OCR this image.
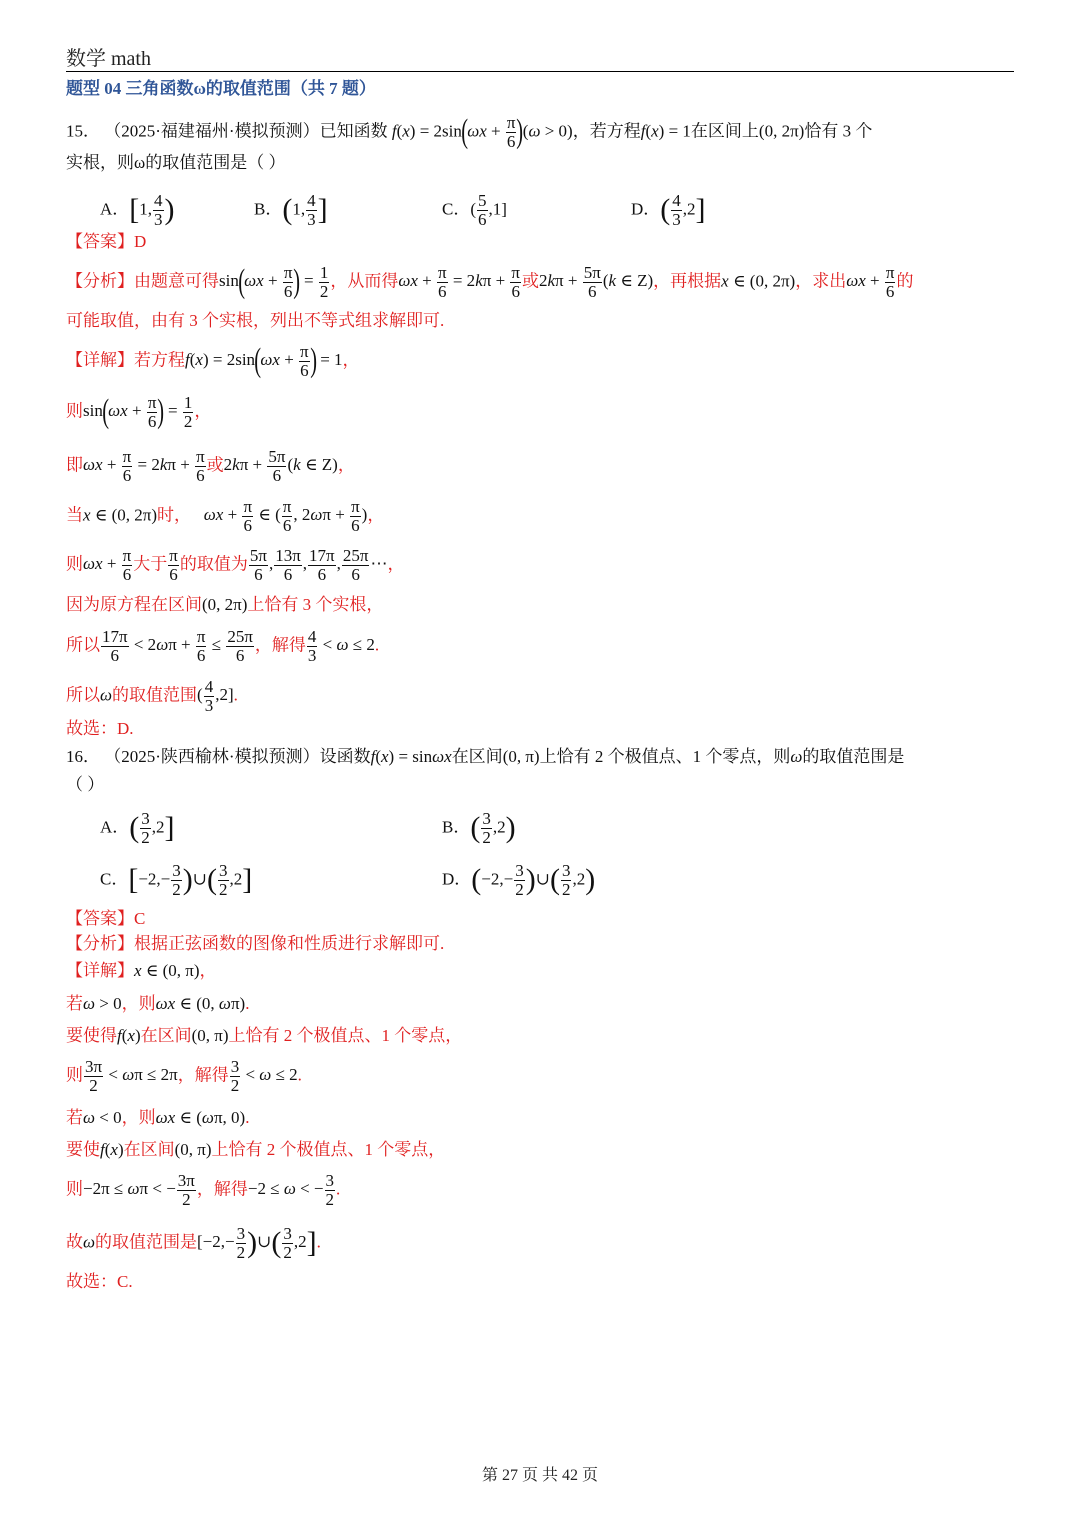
数学 math
题型 04 三角函数ω的取值范围（共 7 题）
15． （2025·福建福州·模拟预测）已知函数 $f(x) = 2\sin(\omega x + \frac{\pi}{6} )(\omega > 0)$，若方程f(x) = 1在区间上(0, 2π)恰有 3 个
实根，则ω的取值范围是（ ）
A．[1, $\frac{4}{3}$ )	B．(1, $\frac{4}{3}$ ]	C．( $\frac{5}{6} ,1$]	D．( $\frac{4}{3} ,2$]
【答案】D
【分析】由题意可得$\sin(\omega x + \frac{\pi}{6}$ ) = $\frac{1}{2}$ ，从而得$\omega x + \frac{\pi}{6} = 2k\pi + \frac{\pi}{6}$ 或$2k\pi + \frac{5\pi}{6} (k$ ∈ Z)，再根据x ∈ (0, 2π)，求出$\omega x + \frac{\pi}{6}$ 的
可能取值，由有 3 个实根，列出不等式组求解即可.
【详解】若方程$f(x) = 2\sin(\omega x + \frac{\pi}{6}$ ) = 1，
则$\sin(\omega x + \frac{\pi}{6}$ ) = $\frac{1}{2}$ ，
即$\omega x + \frac{\pi}{6} = 2k\pi + \frac{\pi}{6}$ 或$2k\pi + \frac{5\pi}{6} (k$ ∈ Z)，
当x ∈ (0, 2π)时， $\omega x + \frac{\pi}{6}$ ∈ ( $\frac{\pi}{6}$ , $2\omega\pi + \frac{\pi}{6}$ )，
则$\omega x + \frac{\pi}{6}$ 大于 $\frac{\pi}{6}$ 的取值为 $\frac{5\pi}{6}$ , $\frac{13\pi}{6}$ , $\frac{17\pi}{6}$ , $\frac{25\pi}{6}$ ⋯，
因为原方程在区间(0, 2π)上恰有 3 个实根，
所以 $\frac{17\pi}{6} < 2\omega\pi + \frac{\pi}{6} \le \frac{25\pi}{6}$ ，解得 $\frac{4}{3} < \omega \le 2$.
所以ω的取值范围( $\frac{4}{3} ,2$].
故选：D.
16． （2025·陕西榆林·模拟预测）设函数f(x) = sinωx在区间(0, π)上恰有 2 个极值点、1 个零点，则ω的取值范围是
（ ）
A．( $\frac{3}{2} ,2$]	B．( $\frac{3}{2} ,2$)
C．[$-2,- \frac{3}{2}$ )∪( $\frac{3}{2} ,2$]	D．($-2,- \frac{3}{2}$ )∪( $\frac{3}{2} ,2$)
【答案】C
【分析】根据正弦函数的图像和性质进行求解即可.
【详解】x ∈ (0, π)，
若ω > 0，则ωx ∈ (0, ωπ).
要使得f(x)在区间(0, π)上恰有 2 个极值点、1 个零点，
则 $\frac{3\pi}{2} < \omega\pi \le 2\pi$，解得 $\frac{3}{2} < \omega \le 2$.
若ω < 0，则ωx ∈ (ωπ, 0).
要使f(x)在区间(0, π)上恰有 2 个极值点、1 个零点，
则−2π ≤ ωπ < − $\frac{3\pi}{2}$ ，解得−2 ≤ ω < − $\frac{3}{2}$ .
故ω的取值范围是[$-2,- \frac{3}{2}$ )∪( $\frac{3}{2} ,2$].
故选：C.
第 27 页 共 42 页
